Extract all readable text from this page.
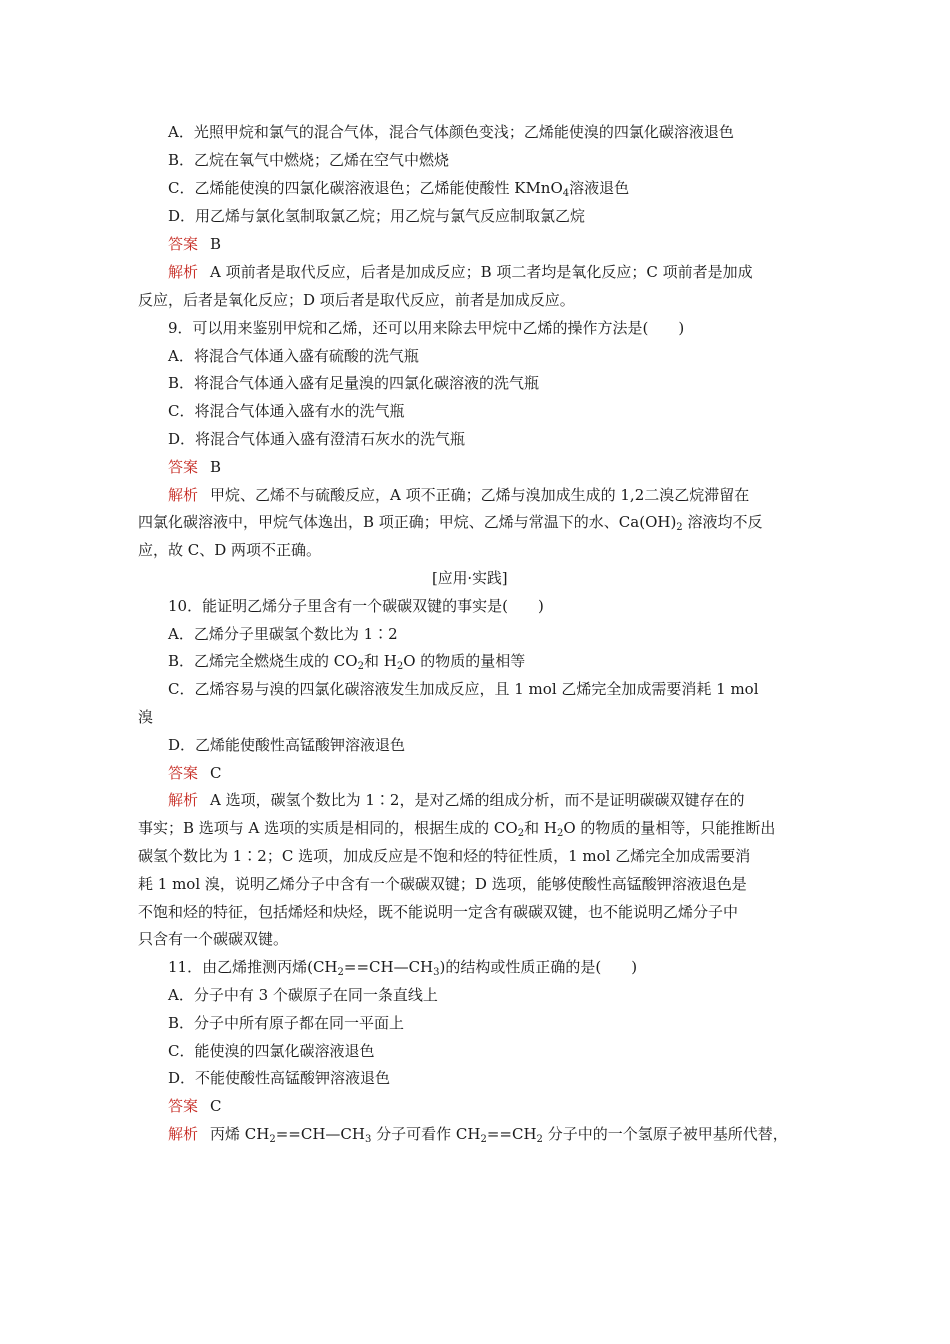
A．光照甲烷和氯气的混合气体，混合气体颜色变浅；乙烯能使溴的四氯化碳溶液退色
B．乙烷在氧气中燃烧；乙烯在空气中燃烧
C．乙烯能使溴的四氯化碳溶液退色；乙烯能使酸性 KMnO$_4$溶液退色
D．用乙烯与氯化氢制取氯乙烷；用乙烷与氯气反应制取氯乙烷
答案 B
解析 A 项前者是取代反应，后者是加成反应；B 项二者均是氧化反应；C 项前者是加成
反应，后者是氧化反应；D 项后者是取代反应，前者是加成反应。
9．可以用来鉴别甲烷和乙烯，还可以用来除去甲烷中乙烯的操作方法是(　　)
A．将混合气体通入盛有硫酸的洗气瓶
B．将混合气体通入盛有足量溴的四氯化碳溶液的洗气瓶
C．将混合气体通入盛有水的洗气瓶
D．将混合气体通入盛有澄清石灰水的洗气瓶
答案 B
解析 甲烷、乙烯不与硫酸反应，A 项不正确；乙烯与溴加成生成的 1,2二溴乙烷滞留在
四氯化碳溶液中，甲烷气体逸出，B 项正确；甲烷、乙烯与常温下的水、$Ca(OH)_2$ 溶液均不反
应，故 C、D 两项不正确。
[应用·实践]
10．能证明乙烯分子里含有一个碳碳双键的事实是(　　)
A．乙烯分子里碳氢个数比为 1∶2
B．乙烯完全燃烧生成的 $CO_2$和 $H_2O$ 的物质的量相等
C．乙烯容易与溴的四氯化碳溶液发生加成反应，且 1 mol 乙烯完全加成需要消耗 1 mol
溴
D．乙烯能使酸性高锰酸钾溶液退色
答案 C
解析 A 选项，碳氢个数比为 1∶2，是对乙烯的组成分析，而不是证明碳碳双键存在的
事实；B 选项与 A 选项的实质是相同的，根据生成的 $CO_2$和 $H_2O$ 的物质的量相等，只能推断出
碳氢个数比为 1∶2；C 选项，加成反应是不饱和烃的特征性质，1 mol 乙烯完全加成需要消
耗 1 mol 溴，说明乙烯分子中含有一个碳碳双键；D 选项，能够使酸性高锰酸钾溶液退色是
不饱和烃的特征，包括烯烃和炔烃，既不能说明一定含有碳碳双键，也不能说明乙烯分子中
只含有一个碳碳双键。
11．由乙烯推测丙烯$(CH_2==CH—CH_3)$的结构或性质正确的是(　　)
A．分子中有 3 个碳原子在同一条直线上
B．分子中所有原子都在同一平面上
C．能使溴的四氯化碳溶液退色
D．不能使酸性高锰酸钾溶液退色
答案 C
解析 丙烯 $CH_2==CH—CH_3$ 分子可看作 $CH_2==CH_2$ 分子中的一个氢原子被甲基所代替，
